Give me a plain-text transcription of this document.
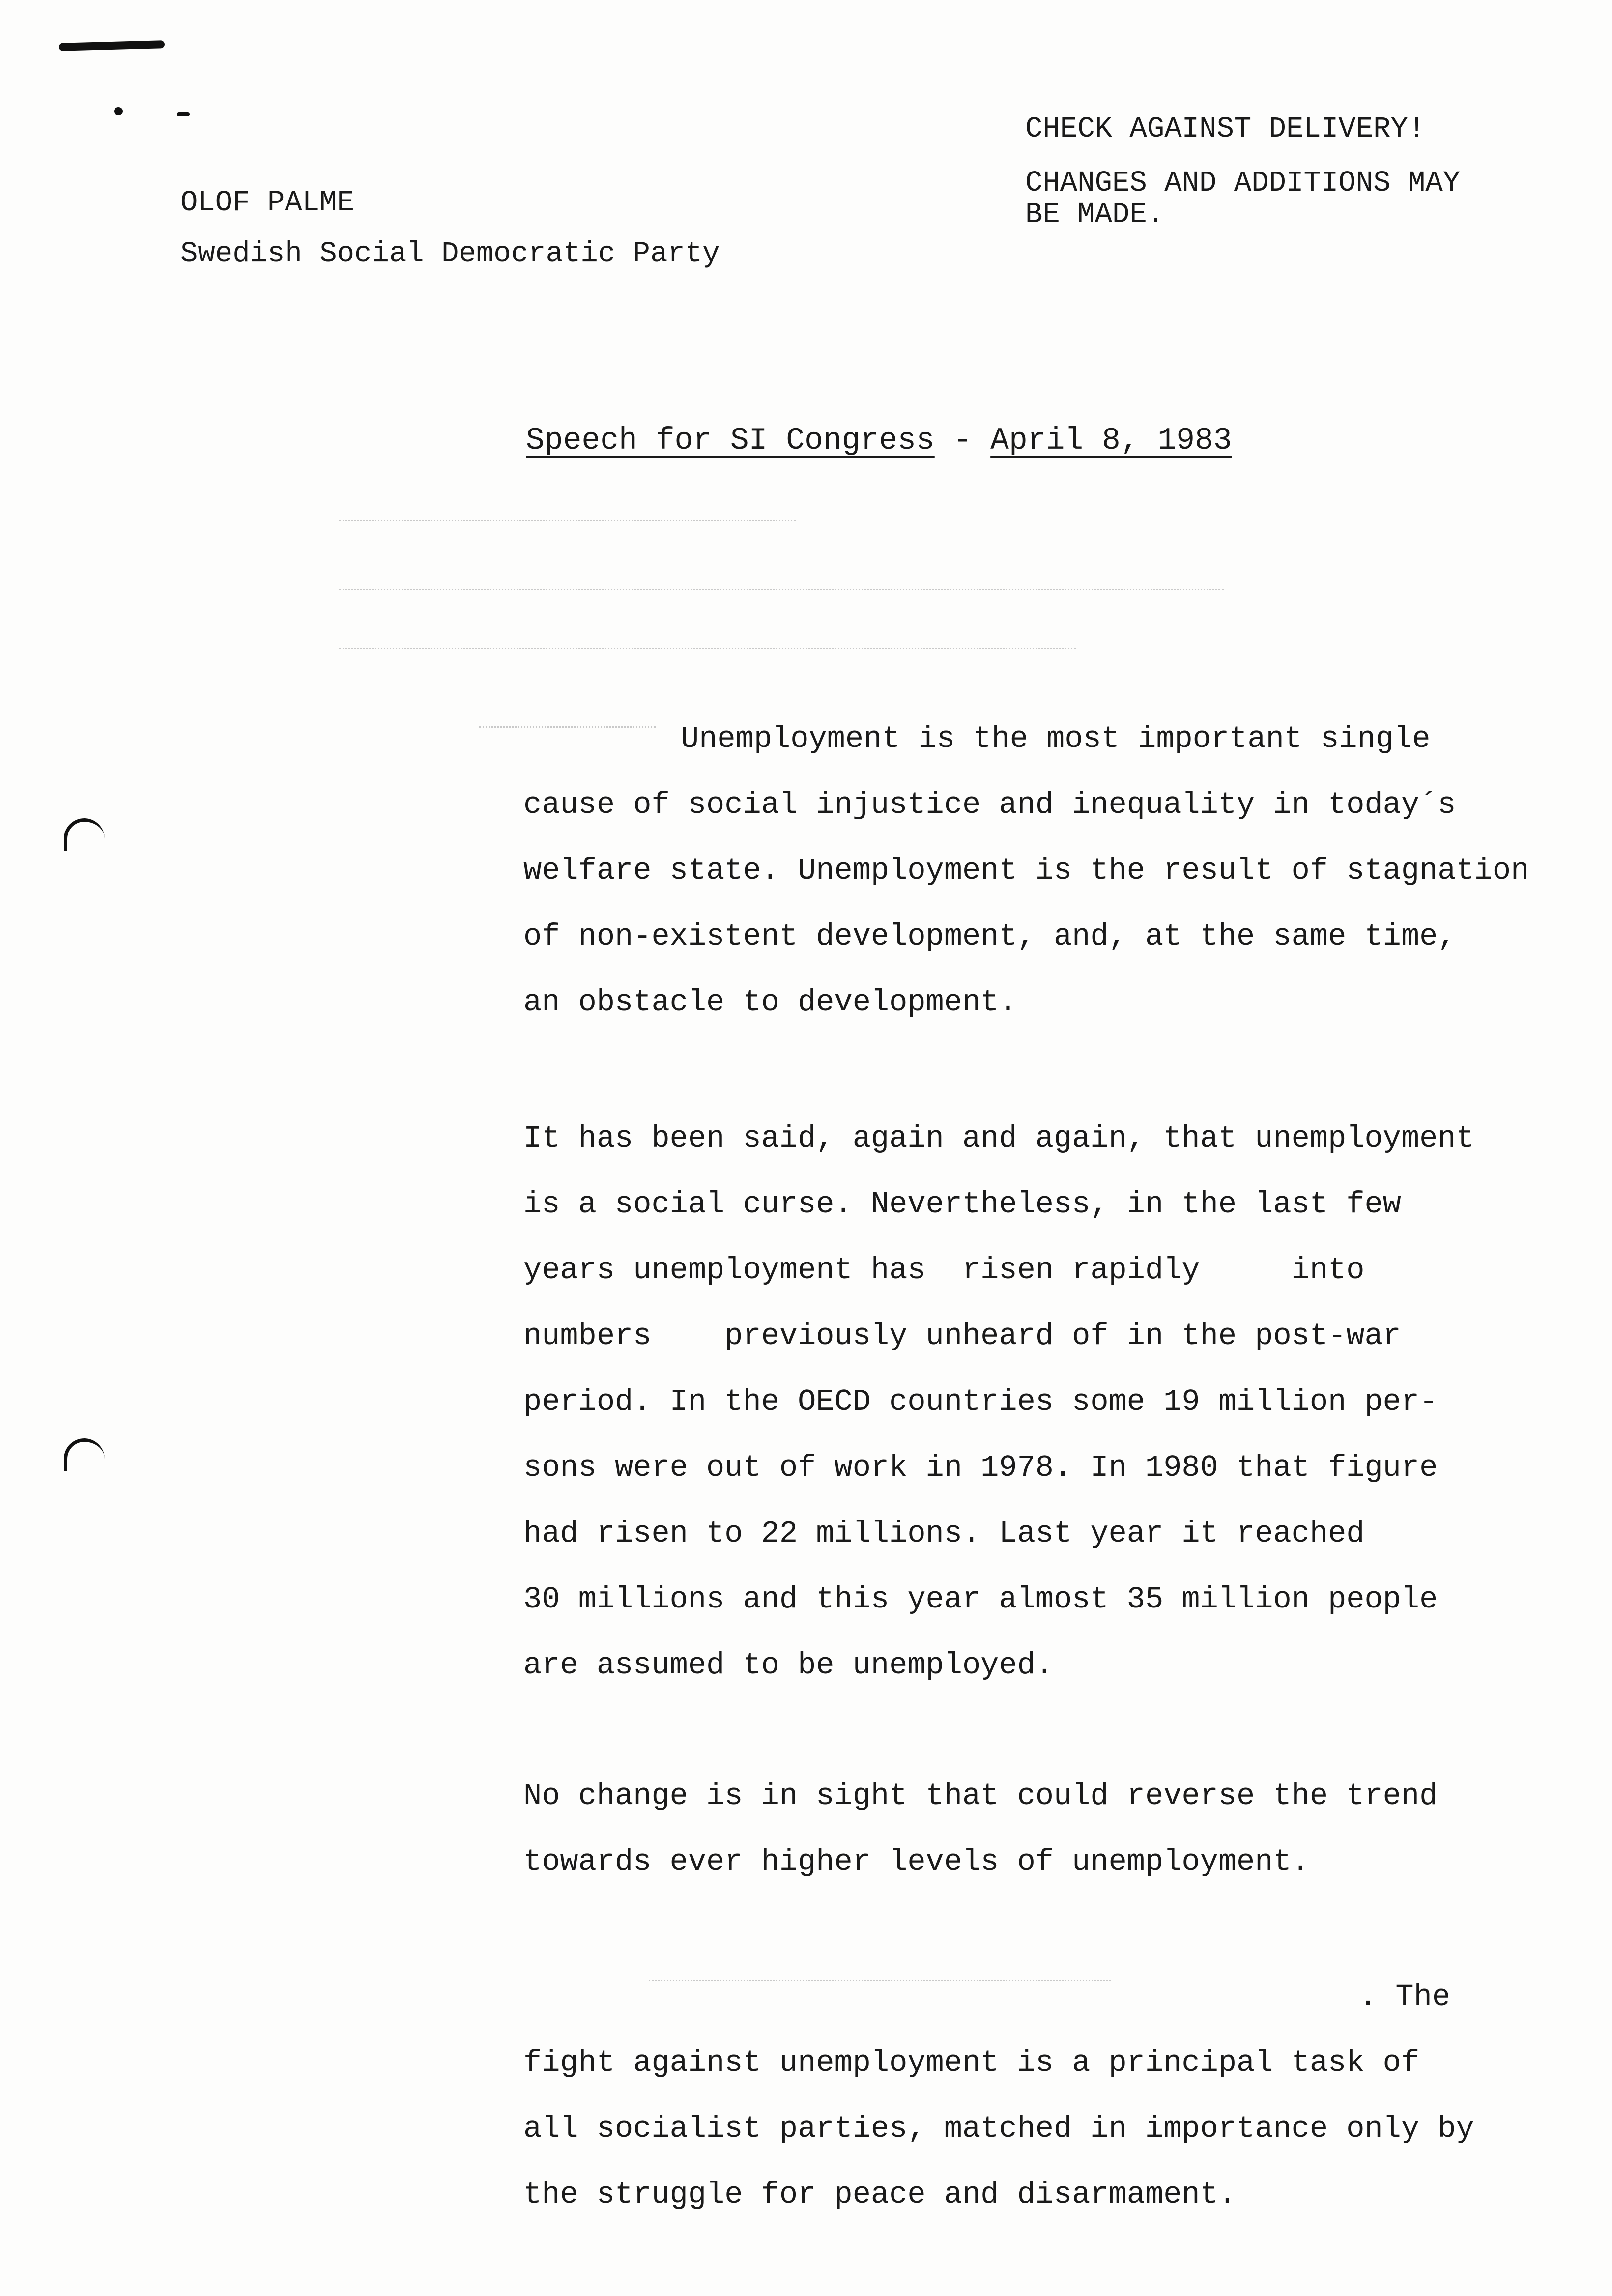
OLOF PALME

Swedish Social Democratic Party

CHECK AGAINST DELIVERY!

CHANGES AND ADDITIONS MAY
BE MADE.

Speech for SI Congress - April 8, 1983

Unemployment is the most important single
cause of social injustice and inequality in today´s
welfare state. Unemployment is the result of stagnation
of non-existent development, and, at the same time,
an obstacle to development.

It has been said, again and again, that unemployment
is a social curse. Nevertheless, in the last few
years unemployment has  risen rapidly     into
numbers    previously unheard of in the post-war
period. In the OECD countries some 19 million per-
sons were out of work in 1978. In 1980 that figure
had risen to 22 millions. Last year it reached
30 millions and this year almost 35 million people
are assumed to be unemployed.

No change is in sight that could reverse the trend
towards ever higher levels of unemployment.

. The
fight against unemployment is a principal task of
all socialist parties, matched in importance only by
the struggle for peace and disarmament.
